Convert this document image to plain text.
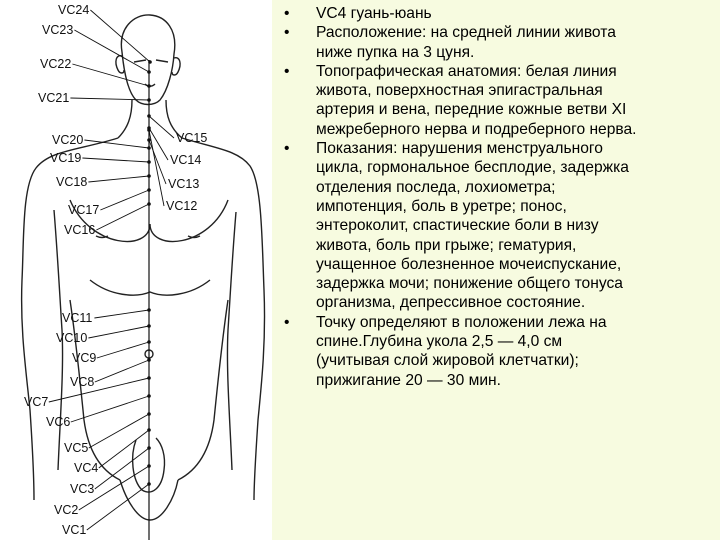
VC24
VC23
VC22
VC21
VC20
VC19
VC18
VC17
VC16
VC11
VC10
VC9
VC8
VC7
VC6
VC5
VC4
VC3
VC2
VC1
VC15
VC14
VC13
VC12
• VC4 гуань-юань
• Расположение: на средней линии живота
ниже пупка на 3 цуня.
• Топографическая анатомия: белая линия
живота, поверхностная эпигастральная
артерия и вена, передние кожные ветви XI
межреберного нерва и подреберного нерва.
• Показания: нарушения менструального
цикла, гормональное бесплодие, задержка
отделения последа, лохиометра;
импотенция, боль в уретре; понос,
энтероколит, спастические боли в низу
живота, боль при грыже; гематурия,
учащенное болезненное мочеиспускание,
задержка мочи; понижение общего тонуса
организма, депрессивное состояние.
• Точку определяют в положении лежа на
спине.Глубина укола 2,5 — 4,0 см
(учитывая слой жировой клетчатки);
прижигание 20 — 30 мин.
